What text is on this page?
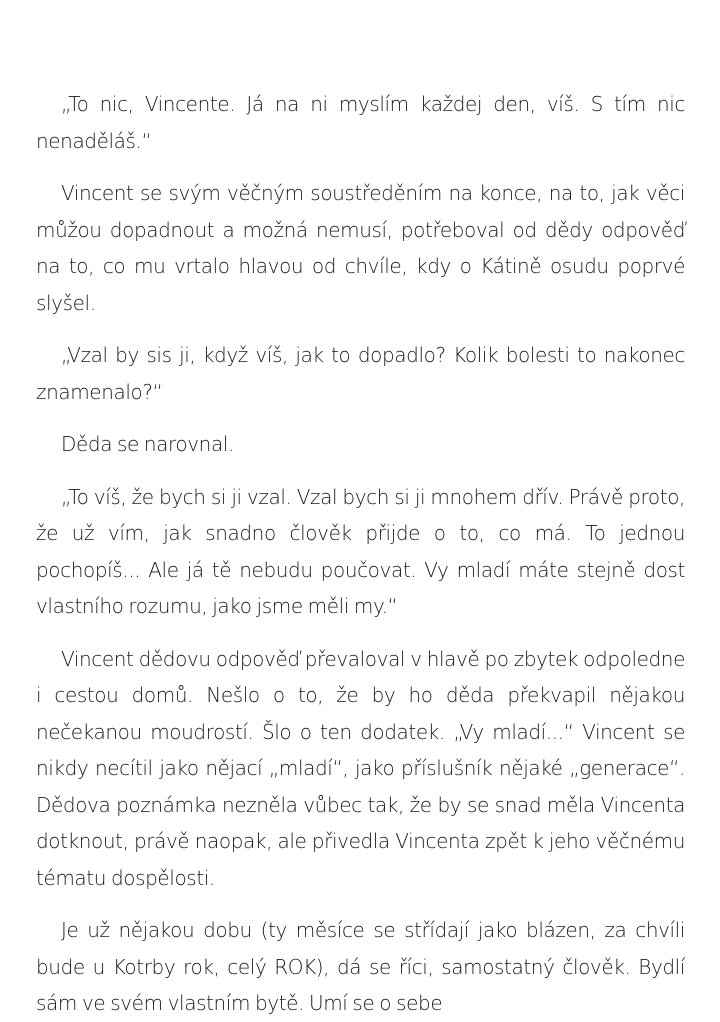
„To nic, Vincente. Já na ni myslím každej den, víš. S tím nic nenaděláš.“

Vincent se svým věčným soustředěním na konce, na to, jak věci můžou dopadnout a možná nemusí, potřeboval od dědy odpověď na to, co mu vrtalo hlavou od chvíle, kdy o Kátině osudu poprvé slyšel.

„Vzal by sis ji, když víš, jak to dopadlo? Kolik bolesti to nakonec znamenalo?“

Děda se narovnal.

„To víš, že bych si ji vzal. Vzal bych si ji mnohem dřív. Právě proto, že už vím, jak snadno člověk přijde o to, co má. To jednou pochopíš... Ale já tě nebudu poučovat. Vy mladí máte stejně dost vlastního rozumu, jako jsme měli my.“

Vincent dědovu odpověď převaloval v hlavě po zbytek odpoledne i cestou domů. Nešlo o to, že by ho děda překvapil nějakou nečekanou moudrostí. Šlo o ten dodatek. „Vy mladí...“ Vincent se nikdy necítil jako nějací „mladí“, jako příslušník nějaké „generace“. Dědova poznámka nezněla vůbec tak, že by se snad měla Vincenta dotknout, právě naopak, ale přivedla Vincenta zpět k jeho věčnému tématu dospělosti.

Je už nějakou dobu (ty měsíce se střídají jako blázen, za chvíli bude u Kotrby rok, celý ROK), dá se říci, samostatný člověk. Bydlí sám ve svém vlastním bytě. Umí se o sebe
